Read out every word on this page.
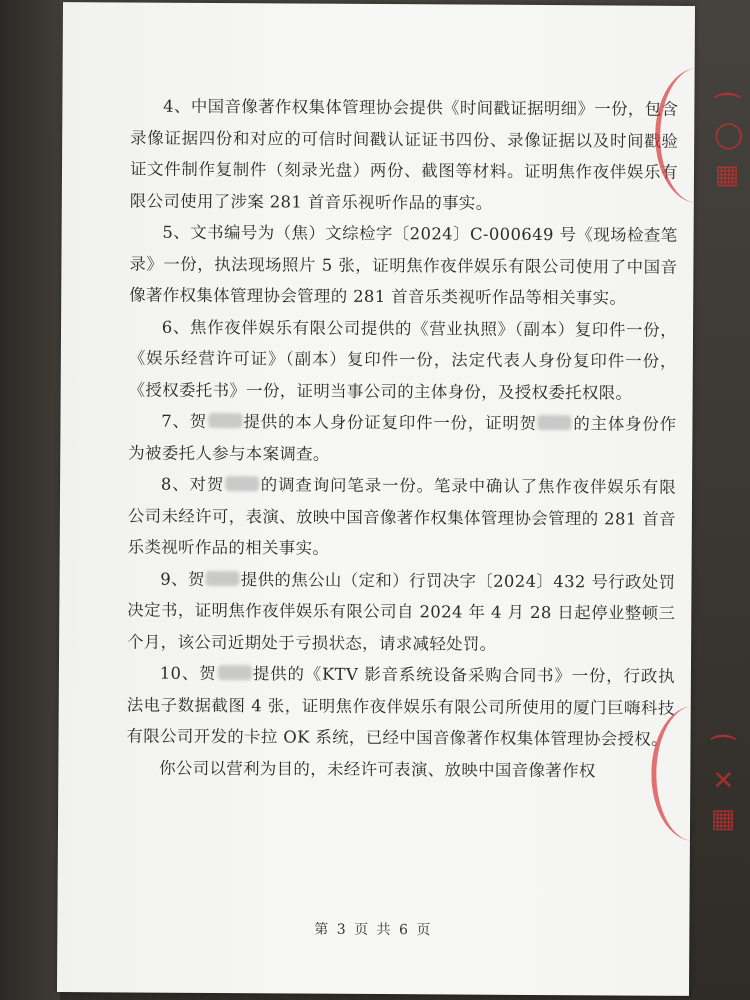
4、中国音像著作权集体管理协会提供《时间戳证据明细》一份，包含录像证据四份和对应的可信时间戳认证证书四份、录像证据以及时间戳验证文件制作复制件（刻录光盘）两份、截图等材料。证明焦作夜伴娱乐有限公司使用了涉案 281 首音乐视听作品的事实。

5、文书编号为（焦）文综检字〔2024〕C-000649 号《现场检查笔录》一份，执法现场照片 5 张，证明焦作夜伴娱乐有限公司使用了中国音像著作权集体管理协会管理的 281 首音乐类视听作品等相关事实。

6、焦作夜伴娱乐有限公司提供的《营业执照》（副本）复印件一份，《娱乐经营许可证》（副本）复印件一份，法定代表人身份复印件一份，《授权委托书》一份，证明当事公司的主体身份，及授权委托权限。

7、贺 提供的本人身份证复印件一份，证明贺 的主体身份作为被委托人参与本案调查。

8、对贺 的调查询问笔录一份。笔录中确认了焦作夜伴娱乐有限公司未经许可，表演、放映中国音像著作权集体管理协会管理的 281 首音乐类视听作品的相关事实。

9、贺 提供的焦公山（定和）行罚决字〔2024〕432 号行政处罚决定书，证明焦作夜伴娱乐有限公司自 2024 年 4 月 28 日起停业整顿三个月，该公司近期处于亏损状态，请求减轻处罚。

10、贺 提供的《KTV 影音系统设备采购合同书》一份，行政执法电子数据截图 4 张，证明焦作夜伴娱乐有限公司所使用的厦门巨嗨科技有限公司开发的卡拉 OK 系统，已经中国音像著作权集体管理协会授权。

你公司以营利为目的，未经许可表演、放映中国音像著作权

第 3 页 共 6 页
⌒
◯
▦
⌒
✕
▦
